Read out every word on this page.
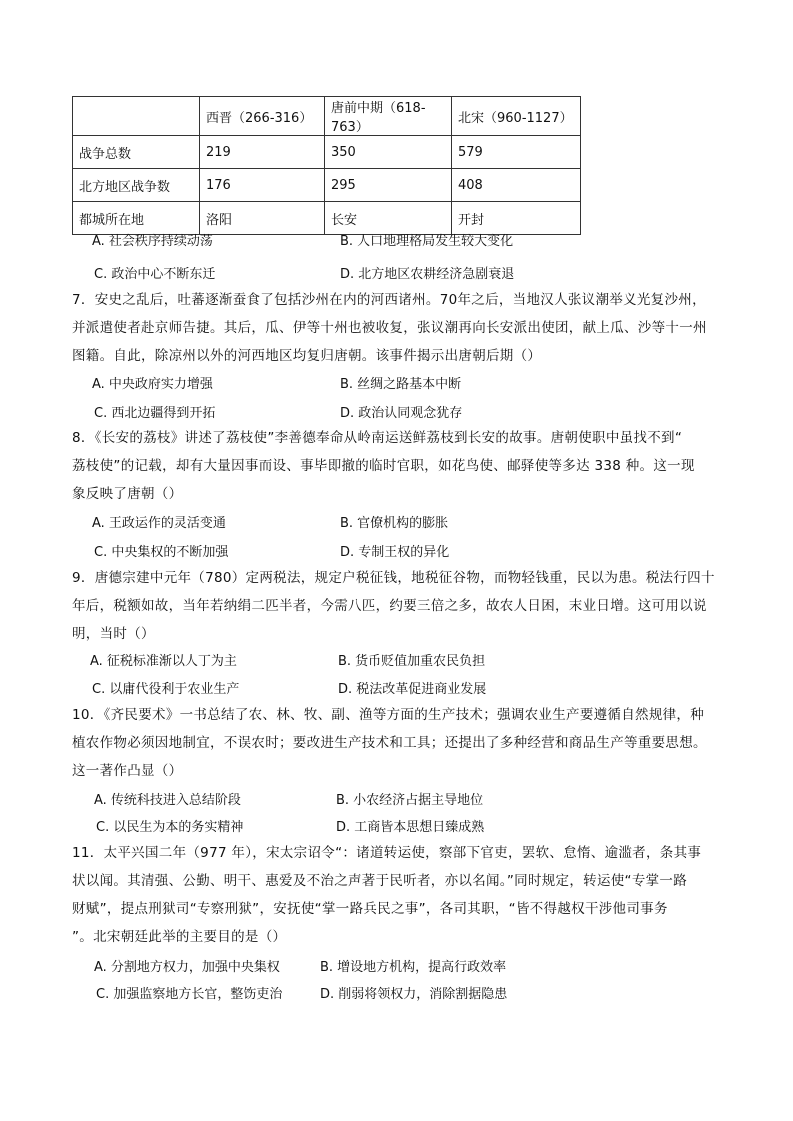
	西晋（266-316）	唐前中期（618-763）	北宋（960-1127）
战争总数	219	350	579
北方地区战争数	176	295	408
都城所在地	洛阳	长安	开封
A. 社会秩序持续动荡	B. 人口地理格局发生较大变化
C. 政治中心不断东迁	D. 北方地区农耕经济急剧衰退
7．安史之乱后，吐蕃逐渐蚕食了包括沙州在内的河西诸州。70年之后，当地汉人张议潮举义光复沙州，
并派遣使者赴京师告捷。其后，瓜、伊等十州也被收复，张议潮再向长安派出使团，献上瓜、沙等十一州
图籍。自此，除凉州以外的河西地区均复归唐朝。该事件揭示出唐朝后期（）
A. 中央政府实力增强	B. 丝绸之路基本中断
C. 西北边疆得到开拓	D. 政治认同观念犹存
8．《长安的荔枝》讲述了荔枝使”李善德奉命从岭南运送鲜荔枝到长安的故事。唐朝使职中虽找不到“
荔枝使”的记载，却有大量因事而设、事毕即撤的临时官职，如花鸟使、邮驿使等多达 338 种。这一现
象反映了唐朝（）
A. 王政运作的灵活变通	B. 官僚机构的膨胀
C. 中央集权的不断加强	D. 专制王权的异化
9．唐德宗建中元年（780）定两税法，规定户税征钱，地税征谷物，而物轻钱重，民以为患。税法行四十
年后，税额如故，当年若纳绢二匹半者，今需八匹，约要三倍之多，故农人日困，末业日增。这可用以说
明，当时（）
A. 征税标准渐以人丁为主	B. 货币贬值加重农民负担
C. 以庸代役利于农业生产	D. 税法改革促进商业发展
10．《齐民要术》一书总结了农、林、牧、副、渔等方面的生产技术；强调农业生产要遵循自然规律，种
植农作物必须因地制宜，不误农时；要改进生产技术和工具；还提出了多种经营和商品生产等重要思想。
这一著作凸显（）
A. 传统科技进入总结阶段	B. 小农经济占据主导地位
C. 以民生为本的务实精神	D. 工商皆本思想日臻成熟
11．太平兴国二年（977 年），宋太宗诏令“：诸道转运使，察部下官吏，罢软、怠惰、逾滥者，条其事
状以闻。其清强、公勤、明干、惠爱及不治之声著于民听者，亦以名闻。”同时规定，转运使“专掌一路
财赋”，提点刑狱司“专察刑狱”，安抚使“掌一路兵民之事”，各司其职，“皆不得越权干涉他司事务
”。北宋朝廷此举的主要目的是（）
A. 分割地方权力，加强中央集权	B. 增设地方机构，提高行政效率
C. 加强监察地方长官，整饬吏治	D. 削弱将领权力，消除割据隐患
